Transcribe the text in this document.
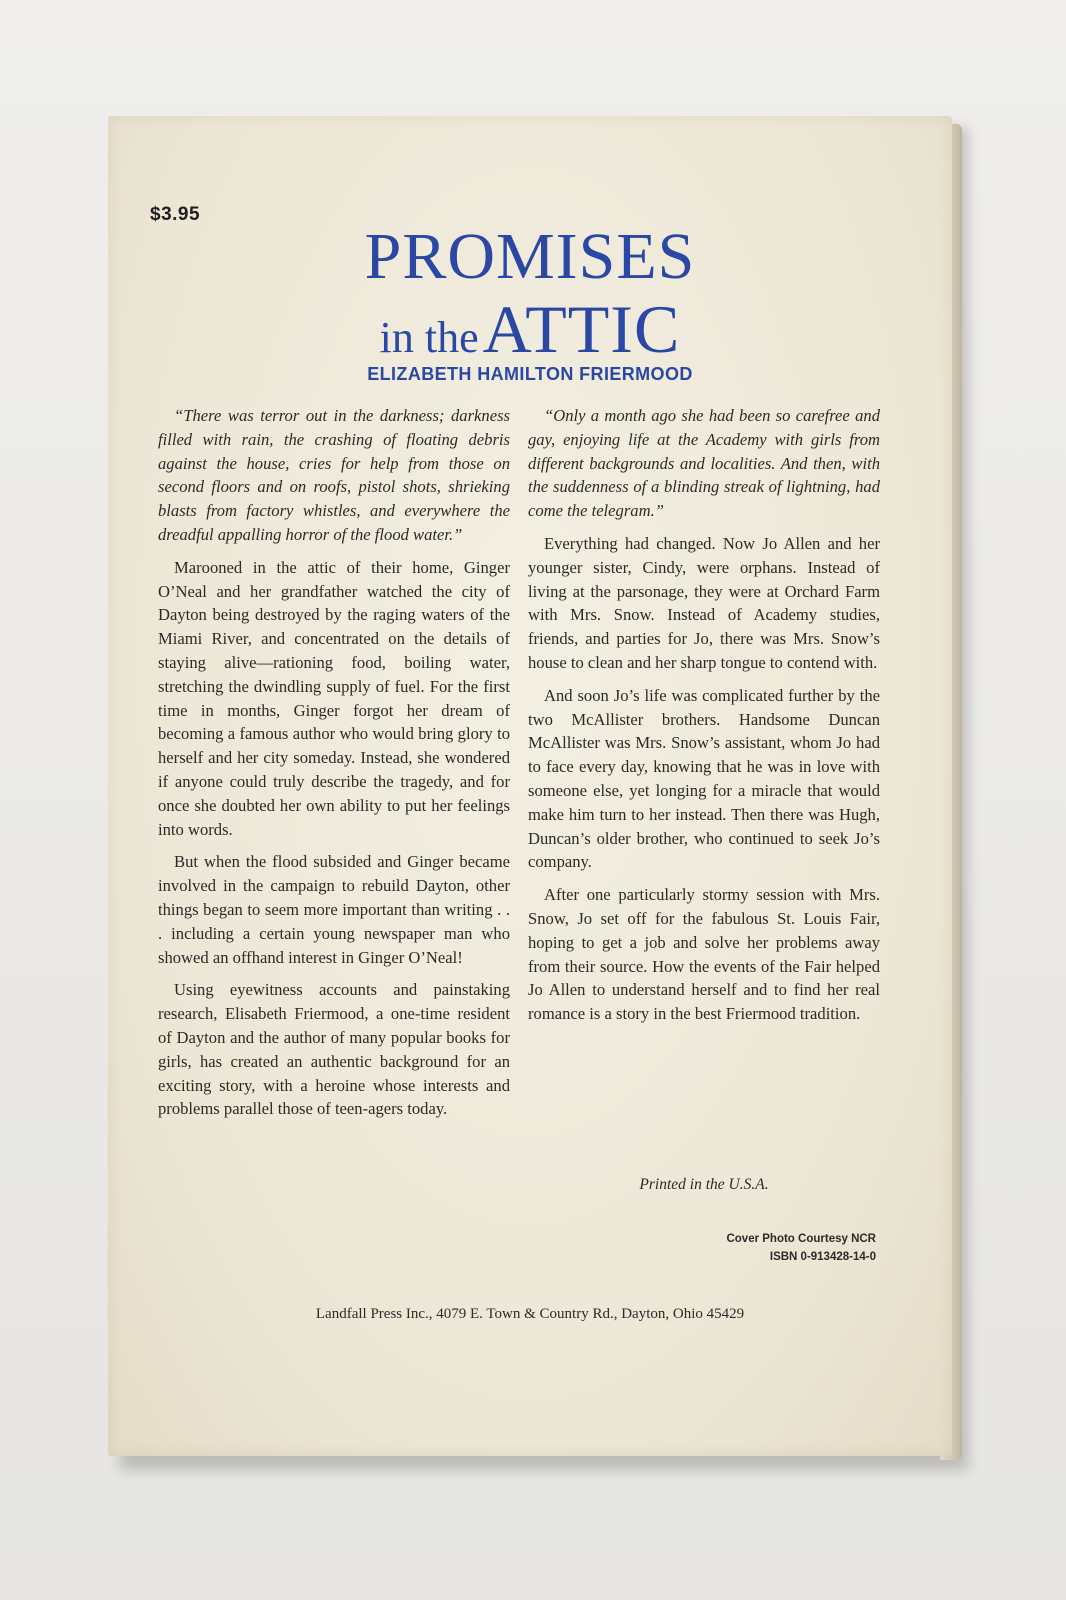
$3.95
PROMISES
in the ATTIC
ELIZABETH HAMILTON FRIERMOOD

“There was terror out in the darkness; darkness filled with rain, the crashing of floating debris against the house, cries for help from those on second floors and on roofs, pistol shots, shrieking blasts from factory whistles, and everywhere the dreadful appalling horror of the flood water.”

Marooned in the attic of their home, Ginger O’Neal and her grandfather watched the city of Dayton being destroyed by the raging waters of the Miami River, and concentrated on the details of staying alive—rationing food, boiling water, stretching the dwindling supply of fuel. For the first time in months, Ginger forgot her dream of becoming a famous author who would bring glory to herself and her city someday. Instead, she wondered if anyone could truly describe the tragedy, and for once she doubted her own ability to put her feelings into words.

But when the flood subsided and Ginger became involved in the campaign to rebuild Dayton, other things began to seem more important than writing . . . including a certain young newspaper man who showed an offhand interest in Ginger O’Neal!

Using eyewitness accounts and painstaking research, Elisabeth Friermood, a one-time resident of Dayton and the author of many popular books for girls, has created an authentic background for an exciting story, with a heroine whose interests and problems parallel those of teen-agers today.

“Only a month ago she had been so carefree and gay, enjoying life at the Academy with girls from different backgrounds and localities. And then, with the suddenness of a blinding streak of lightning, had come the telegram.”

Everything had changed. Now Jo Allen and her younger sister, Cindy, were orphans. Instead of living at the parsonage, they were at Orchard Farm with Mrs. Snow. Instead of Academy studies, friends, and parties for Jo, there was Mrs. Snow’s house to clean and her sharp tongue to contend with.

And soon Jo’s life was complicated further by the two McAllister brothers. Handsome Duncan McAllister was Mrs. Snow’s assistant, whom Jo had to face every day, knowing that he was in love with someone else, yet longing for a miracle that would make him turn to her instead. Then there was Hugh, Duncan’s older brother, who continued to seek Jo’s company.

After one particularly stormy session with Mrs. Snow, Jo set off for the fabulous St. Louis Fair, hoping to get a job and solve her problems away from their source. How the events of the Fair helped Jo Allen to understand herself and to find her real romance is a story in the best Friermood tradition.

Printed in the U.S.A.
Cover Photo Courtesy NCR
ISBN 0-913428-14-0
Landfall Press Inc., 4079 E. Town & Country Rd., Dayton, Ohio 45429
